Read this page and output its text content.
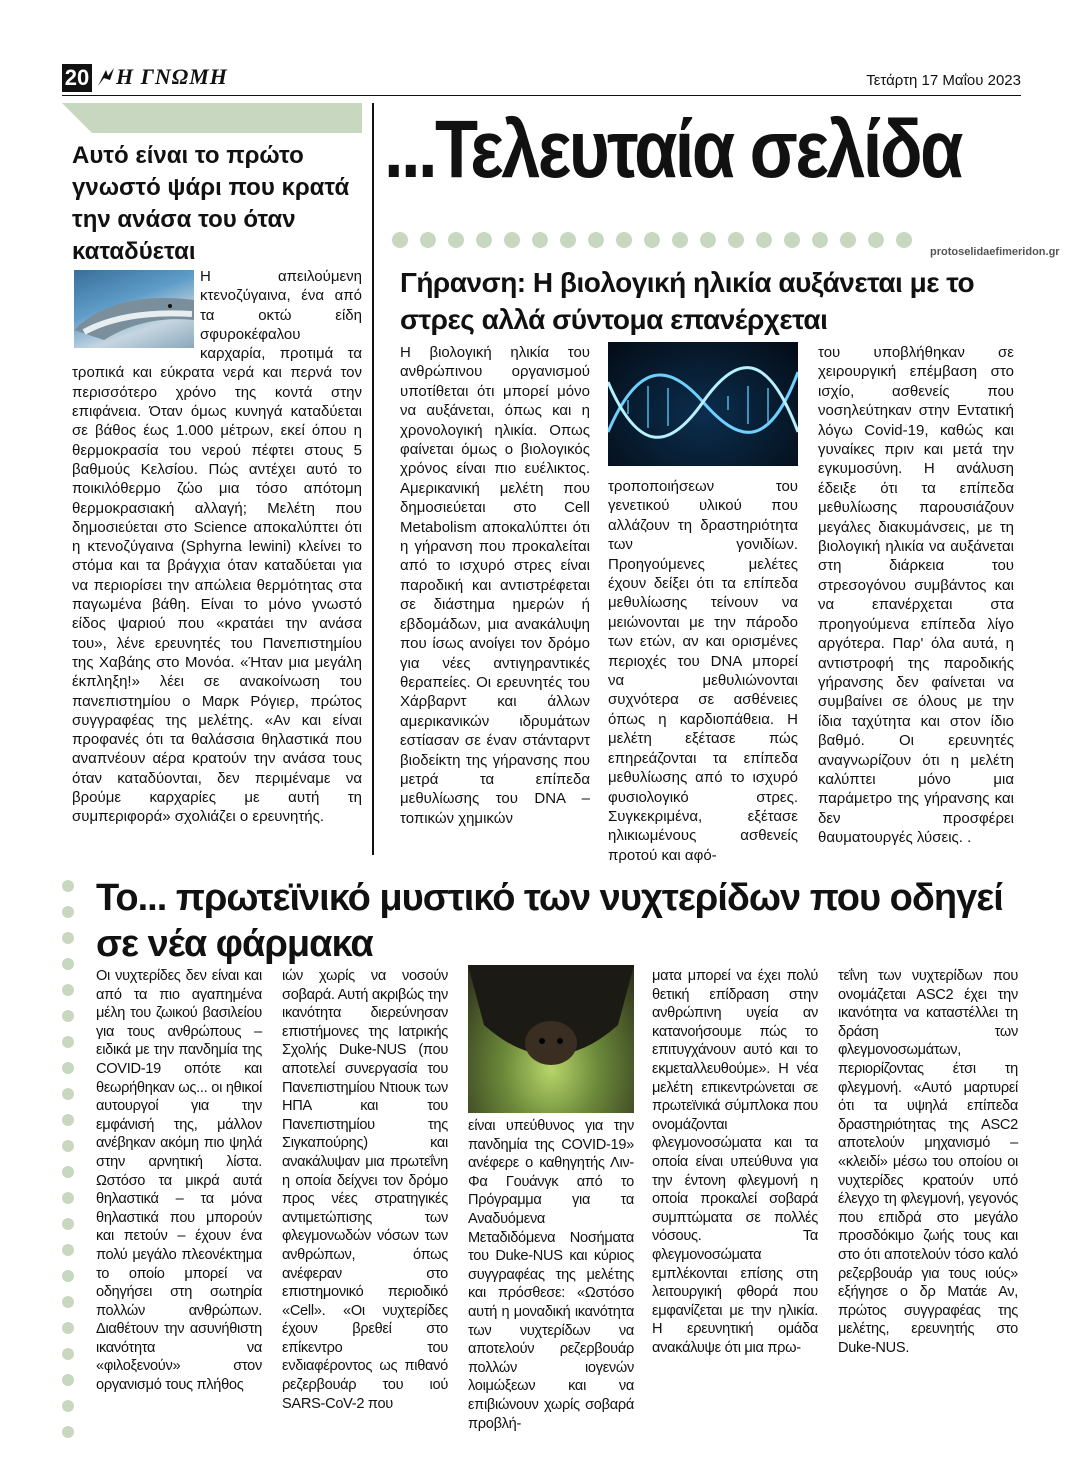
20 Η ΓΝΩΜΗ	Τετάρτη 17 Μαΐου 2023
...Τελευταία σελίδα
protoselidaefimeridon.gr
Αυτό είναι το πρώτο γνωστό ψάρι που κρατά την ανάσα του όταν καταδύεται
Η απειλούμενη κτενοζύγαινα, ένα από τα οκτώ είδη σφυροκέφαλου καρχαρία, προτιμά τα τροπικά και εύκρατα νερά και περνά τον περισσότερο χρόνο της κοντά στην επιφάνεια. Όταν όμως κυνηγά καταδύεται σε βάθος έως 1.000 μέτρων, εκεί όπου η θερμοκρασία του νερού πέφτει στους 5 βαθμούς Κελσίου. Πώς αντέχει αυτό το ποικιλόθερμο ζώο μια τόσο απότομη θερμοκρασιακή αλλαγή; Μελέτη που δημοσιεύεται στο Science αποκαλύπτει ότι η κτενοζύγαινα (Sphyrna lewini) κλείνει το στόμα και τα βράγχια όταν καταδύεται για να περιορίσει την απώλεια θερμότητας στα παγωμένα βάθη. Είναι το μόνο γνωστό είδος ψαριού που «κρατάει την ανάσα του», λένε ερευνητές του Πανεπιστημίου της Χαβάης στο Μονόα. «Ήταν μια μεγάλη έκπληξη!» λέει σε ανακοίνωση του πανεπιστημίου ο Μαρκ Ρόγιερ, πρώτος συγγραφέας της μελέτης. «Αν και είναι προφανές ότι τα θαλάσσια θηλαστικά που αναπνέουν αέρα κρατούν την ανάσα τους όταν καταδύονται, δεν περιμέναμε να βρούμε καρχαρίες με αυτή τη συμπεριφορά» σχολιάζει ο ερευνητής.
Γήρανση: Η βιολογική ηλικία αυξάνεται με το στρες αλλά σύντομα επανέρχεται
Η βιολογική ηλικία του ανθρώπινου οργανισμού υποτίθεται ότι μπορεί μόνο να αυξάνεται, όπως και η χρονολογική ηλικία. Οπως φαίνεται όμως ο βιολογικός χρόνος είναι πιο ευέλικτος. Αμερικανική μελέτη που δημοσιεύεται στο Cell Metabolism αποκαλύπτει ότι η γήρανση που προκαλείται από το ισχυρό στρες είναι παροδική και αντιστρέφεται σε διάστημα ημερών ή εβδομάδων, μια ανακάλυψη που ίσως ανοίγει τον δρόμο για νέες αντιγηραντικές θεραπείες. Οι ερευνητές του Χάρβαρντ και άλλων αμερικανικών ιδρυμάτων εστίασαν σε έναν στάνταρντ βιοδείκτη της γήρανσης που μετρά τα επίπεδα μεθυλίωσης του DNA – τοπικών χημικών
τροποποιήσεων του γενετικού υλικού που αλλάζουν τη δραστηριότητα των γονιδίων. Προηγούμενες μελέτες έχουν δείξει ότι τα επίπεδα μεθυλίωσης τείνουν να μειώνονται με την πάροδο των ετών, αν και ορισμένες περιοχές του DNA μπορεί να μεθυλιώνονται συχνότερα σε ασθένειες όπως η καρδιοπάθεια. Η μελέτη εξέτασε πώς επηρεάζονται τα επίπεδα μεθυλίωσης από το ισχυρό φυσιολογικό στρες. Συγκεκριμένα, εξέτασε ηλικιωμένους ασθενείς προτού και αφό-
του υποβλήθηκαν σε χειρουργική επέμβαση στο ισχίο, ασθενείς που νοσηλεύτηκαν στην Εντατική λόγω Covid-19, καθώς και γυναίκες πριν και μετά την εγκυμοσύνη. Η ανάλυση έδειξε ότι τα επίπεδα μεθυλίωσης παρουσιάζουν μεγάλες διακυμάνσεις, με τη βιολογική ηλικία να αυξάνεται στη διάρκεια του στρεσογόνου συμβάντος και να επανέρχεται στα προηγούμενα επίπεδα λίγο αργότερα. Παρ' όλα αυτά, η αντιστροφή της παροδικής γήρανσης δεν φαίνεται να συμβαίνει σε όλους με την ίδια ταχύτητα και στον ίδιο βαθμό. Οι ερευνητές αναγνωρίζουν ότι η μελέτη καλύπτει μόνο μια παράμετρο της γήρανσης και δεν προσφέρει θαυματουργές λύσεις. .
Το... πρωτεϊνικό μυστικό των νυχτερίδων που οδηγεί σε νέα φάρμακα
Οι νυχτερίδες δεν είναι και από τα πιο αγαπημένα μέλη του ζωικού βασιλείου για τους ανθρώπους – ειδικά με την πανδημία της COVID-19 οπότε και θεωρήθηκαν ως... οι ηθικοί αυτουργοί για την εμφάνισή της, μάλλον ανέβηκαν ακόμη πιο ψηλά στην αρνητική λίστα. Ωστόσο τα μικρά αυτά θηλαστικά – τα μόνα θηλαστικά που μπορούν και πετούν – έχουν ένα πολύ μεγάλο πλεονέκτημα το οποίο μπορεί να οδηγήσει στη σωτηρία πολλών ανθρώπων. Διαθέτουν την ασυνήθιστη ικανότητα να «φιλοξενούν» στον οργανισμό τους πλήθος
ιών χωρίς να νοσούν σοβαρά. Αυτή ακριβώς την ικανότητα διερεύνησαν επιστήμονες της Ιατρικής Σχολής Duke-NUS (που αποτελεί συνεργασία του Πανεπιστημίου Ντιουκ των ΗΠΑ και του Πανεπιστημίου της Σιγκαπούρης) και ανακάλυψαν μια πρωτεΐνη η οποία δείχνει τον δρόμο προς νέες στρατηγικές αντιμετώπισης των φλεγμονωδών νόσων των ανθρώπων, όπως ανέφεραν στο επιστημονικό περιοδικό «Cell». «Οι νυχτερίδες έχουν βρεθεί στο επίκεντρο του ενδιαφέροντος ως πιθανό ρεζερβουάρ του ιού SARS-CoV-2 που
είναι υπεύθυνος για την πανδημία της COVID-19» ανέφερε ο καθηγητής Λιν-Φα Γουάνγκ από το Πρόγραμμα για τα Αναδυόμενα Μεταδιδόμενα Νοσήματα του Duke-NUS και κύριος συγγραφέας της μελέτης και πρόσθεσε: «Ωστόσο αυτή η μοναδική ικανότητα των νυχτερίδων να αποτελούν ρεζερβουάρ πολλών ιογενών λοιμώξεων και να επιβιώνουν χωρίς σοβαρά προβλή-
ματα μπορεί να έχει πολύ θετική επίδραση στην ανθρώπινη υγεία αν κατανοήσουμε πώς το επιτυγχάνουν αυτό και το εκμεταλλευθούμε». Η νέα μελέτη επικεντρώνεται σε πρωτεϊνικά σύμπλοκα που ονομάζονται φλεγμονοσώματα και τα οποία είναι υπεύθυνα για την έντονη φλεγμονή η οποία προκαλεί σοβαρά συμπτώματα σε πολλές νόσους. Τα φλεγμονοσώματα εμπλέκονται επίσης στη λειτουργική φθορά που εμφανίζεται με την ηλικία. Η ερευνητική ομάδα ανακάλυψε ότι μια πρω-
τεΐνη των νυχτερίδων που ονομάζεται ASC2 έχει την ικανότητα να καταστέλλει τη δράση των φλεγμονοσωμάτων, περιορίζοντας έτσι τη φλεγμονή. «Αυτό μαρτυρεί ότι τα υψηλά επίπεδα δραστηριότητας της ASC2 αποτελούν μηχανισμό – «κλειδί» μέσω του οποίου οι νυχτερίδες κρατούν υπό έλεγχο τη φλεγμονή, γεγονός που επιδρά στο μεγάλο προσδόκιμο ζωής τους και στο ότι αποτελούν τόσο καλό ρεζερβουάρ για τους ιούς» εξήγησε ο δρ Ματάε Αν, πρώτος συγγραφέας της μελέτης, ερευνητής στο Duke-NUS.
